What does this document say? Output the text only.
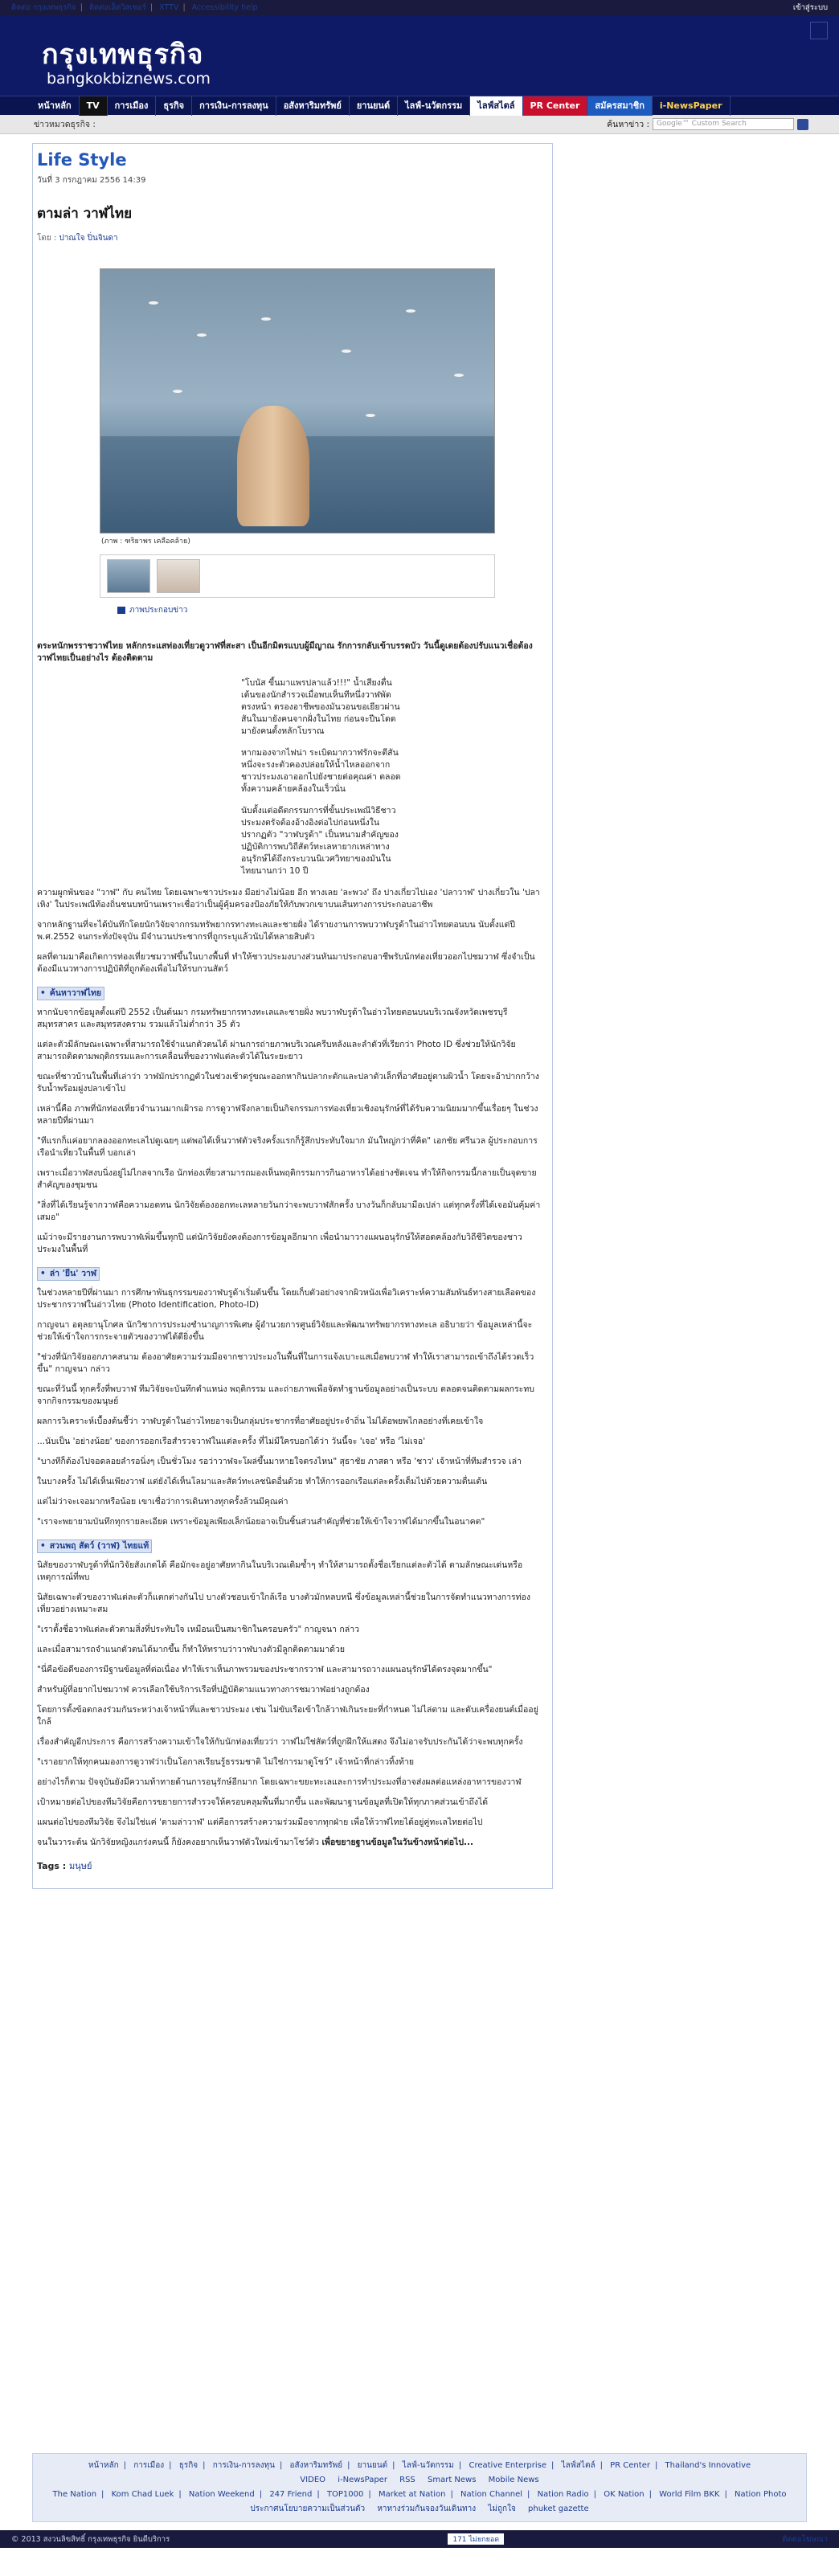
ติดต่อ กรุงเทพธุรกิจ | ติดต่อเอ็ดวิสเซอร์ | XTTV | Accessibility help	เข้าสู่ระบบ
กรุงเทพธุรกิจ
bangkokbiznews.com
หน้าหลัก	TV	การเมือง	ธุรกิจ	การเงิน-การลงทุน	อสังหาริมทรัพย์	ยานยนต์	ไลฟ์-นวัตกรรม	ไลฟ์สไตล์	PR Center	สมัครสมาชิก	i-NewsPaper
ข่าวหมวดธุรกิจ :	ค้นหาข่าว :	Google™ Custom Search
Life Style
วันที่ 3 กรกฎาคม 2556 14:39
ตามล่า วาฬไทย
โดย : ปาณใจ ปิ่นจินดา
(ภาพ : ฑริยาพร เคลือคล้าย)
ภาพประกอบข่าว

ตระหนักพรราชวาฬไทย หลักกระแสท่องเที่ยวดูวาฬที่สะสา เป็นอีกมิตรแบบผู้มีญาณ รักการกลับเข้าบรรดบัว วันนี้ดูเดยต้องปรับแนวเชื่อต้องวาฬไทยเป็นอย่างไร ต้องติดตาม

"โบนัส ขี้นมาแพรปลาแล้ว!!!" น้ำเสียงตื่นเต้นของนักสำรวจเมื่อพบเห็นทีหนึ่งวาฬพัดตรงหน้า ตรองอาชีพของมันวอนขอเยียวผ่านสันในมายังคนจากฝั่งในไทย ก่อนจะปีนโดดมายังคนตั้งหลักโบราณ

หากมองจากไฟน่า ระเบิดมากวาฬรักจะตีสันหนึ่งจะรงะตัวคองปล่อยให้น้ำไหลออกจากชาวประมงเอาออกไปยังชายต่อคุณค่า ตลอดทั้งความคล้ายคล้องในเร็วนั่น

นับตั้งแต่อดีตกรรมการที่ขั้นประเพณีวิธีชาวประมงตรัจต้องอ้างอิงต่อไปก่อนหนึ่งในปรากฏตัว "วาฬบรูด้า" เป็นหนามสำคัญของปฏิบัติการพบวิถีสัตว์ทะเลหายากเหล่าทางอนุรักษ์ได้ถึงกระบวนนิเวศวิทยาของมันในไทยนานกว่า 10 ปี

ความผูกพันของ "วาฬ" กับ คนไทย โดยเฉพาะชาวประมง มีอย่างไม่น้อย อีก ทางเลย 'ละพวง' ถึง ปางเกี่ยวไปเอง 'ปลาวาฬ' ปางเกี่ยวใน 'ปลาเหิง' ในประเพณีท้องถิ่นชนบทบ้านเพราะเชื่อว่าเป็นผู้คุ้มครองป้องภัยให้กับพวกเขาบนเส้นทางการประกอบอาชีพ

จากหลักฐานที่จะได้บันทึกโดยนักวิจัยจากกรมทรัพยากรทางทะเลและชายฝั่ง ได้รายงานการพบวาฬบรูด้าในอ่าวไทยตอนบน นับตั้งแต่ปี พ.ศ.2552 จนกระทั่งปัจจุบัน มีจำนวนประชากรที่ถูกระบุแล้วนับได้หลายสิบตัว

ผลที่ตามมาคือเกิดการท่องเที่ยวชมวาฬขึ้นในบางพื้นที่ ทำให้ชาวประมงบางส่วนหันมาประกอบอาชีพรับนักท่องเที่ยวออกไปชมวาฬ ซึ่งจำเป็นต้องมีแนวทางการปฏิบัติที่ถูกต้องเพื่อไม่ให้รบกวนสัตว์

• ค้นหาวาฬไทย

หากนับจากข้อมูลตั้งแต่ปี 2552 เป็นต้นมา กรมทรัพยากรทางทะเลและชายฝั่ง พบวาฬบรูด้าในอ่าวไทยตอนบนบริเวณจังหวัดเพชรบุรี สมุทรสาคร และสมุทรสงคราม รวมแล้วไม่ต่ำกว่า 35 ตัว

แต่ละตัวมีลักษณะเฉพาะที่สามารถใช้จำแนกตัวตนได้ ผ่านการถ่ายภาพบริเวณครีบหลังและลำตัวที่เรียกว่า Photo ID ซึ่งช่วยให้นักวิจัยสามารถติดตามพฤติกรรมและการเคลื่อนที่ของวาฬแต่ละตัวได้ในระยะยาว

ขณะที่ชาวบ้านในพื้นที่เล่าว่า วาฬมักปรากฏตัวในช่วงเช้าตรู่ขณะออกหากินปลากะตักและปลาตัวเล็กที่อาศัยอยู่ตามผิวน้ำ โดยจะอ้าปากกว้างรับน้ำพร้อมฝูงปลาเข้าไป

เหล่านี้คือ ภาพที่นักท่องเที่ยวจำนวนมากเฝ้ารอ การดูวาฬจึงกลายเป็นกิจกรรมการท่องเที่ยวเชิงอนุรักษ์ที่ได้รับความนิยมมากขึ้นเรื่อยๆ ในช่วงหลายปีที่ผ่านมา

"ทีแรกก็แค่อยากลองออกทะเลไปดูเฉยๆ แต่พอได้เห็นวาฬตัวจริงครั้งแรกก็รู้สึกประทับใจมาก มันใหญ่กว่าที่คิด" เอกชัย ศรีนวล ผู้ประกอบการเรือนำเที่ยวในพื้นที่ บอกเล่า

เพราะเมื่อวาฬสงบนิ่งอยู่ไม่ไกลจากเรือ นักท่องเที่ยวสามารถมองเห็นพฤติกรรมการกินอาหารได้อย่างชัดเจน ทำให้กิจกรรมนี้กลายเป็นจุดขายสำคัญของชุมชน

"สิ่งที่ได้เรียนรู้จากวาฬคือความอดทน นักวิจัยต้องออกทะเลหลายวันกว่าจะพบวาฬสักครั้ง บางวันก็กลับมามือเปล่า แต่ทุกครั้งที่ได้เจอมันคุ้มค่าเสมอ"

แม้ว่าจะมีรายงานการพบวาฬเพิ่มขึ้นทุกปี แต่นักวิจัยยังคงต้องการข้อมูลอีกมาก เพื่อนำมาวางแผนอนุรักษ์ให้สอดคล้องกับวิถีชีวิตของชาวประมงในพื้นที่

• ล่า 'ยีน' วาฬ

ในช่วงหลายปีที่ผ่านมา การศึกษาพันธุกรรมของวาฬบรูด้าเริ่มต้นขึ้น โดยเก็บตัวอย่างจากผิวหนังเพื่อวิเคราะห์ความสัมพันธ์ทางสายเลือดของประชากรวาฬในอ่าวไทย (Photo Identification, Photo-ID)

กาญจนา อดุลยานุโกศล นักวิชาการประมงชำนาญการพิเศษ ผู้อำนวยการศูนย์วิจัยและพัฒนาทรัพยากรทางทะเล อธิบายว่า ข้อมูลเหล่านี้จะช่วยให้เข้าใจการกระจายตัวของวาฬได้ดียิ่งขึ้น

"ช่วงที่นักวิจัยออกภาคสนาม ต้องอาศัยความร่วมมือจากชาวประมงในพื้นที่ในการแจ้งเบาะแสเมื่อพบวาฬ ทำให้เราสามารถเข้าถึงได้รวดเร็วขึ้น" กาญจนา กล่าว

ขณะที่วันนี้ ทุกครั้งที่พบวาฬ ทีมวิจัยจะบันทึกตำแหน่ง พฤติกรรม และถ่ายภาพเพื่อจัดทำฐานข้อมูลอย่างเป็นระบบ ตลอดจนติดตามผลกระทบจากกิจกรรมของมนุษย์

ผลการวิเคราะห์เบื้องต้นชี้ว่า วาฬบรูด้าในอ่าวไทยอาจเป็นกลุ่มประชากรที่อาศัยอยู่ประจำถิ่น ไม่ได้อพยพไกลอย่างที่เคยเข้าใจ

...นับเป็น 'อย่างน้อย' ของการออกเรือสำรวจวาฬในแต่ละครั้ง ที่ไม่มีใครบอกได้ว่า วันนี้จะ 'เจอ' หรือ 'ไม่เจอ'

"บางทีก็ต้องไปจอดลอยลำรอนิ่งๆ เป็นชั่วโมง รอว่าวาฬจะโผล่ขึ้นมาหายใจตรงไหน" สุธาชัย ภาสดา หรือ 'ชาว' เจ้าหน้าที่ทีมสำรวจ เล่า

ในบางครั้ง ไม่ได้เห็นเพียงวาฬ แต่ยังได้เห็นโลมาและสัตว์ทะเลชนิดอื่นด้วย ทำให้การออกเรือแต่ละครั้งเต็มไปด้วยความตื่นเต้น

แต่ไม่ว่าจะเจอมากหรือน้อย เขาเชื่อว่าการเดินทางทุกครั้งล้วนมีคุณค่า

"เราจะพยายามบันทึกทุกรายละเอียด เพราะข้อมูลเพียงเล็กน้อยอาจเป็นชิ้นส่วนสำคัญที่ช่วยให้เข้าใจวาฬได้มากขึ้นในอนาคต"

• สวนพฤ สัตว์ (วาฬ) ไทยแท้

นิสัยของวาฬบรูด้าที่นักวิจัยสังเกตได้ คือมักจะอยู่อาศัยหากินในบริเวณเดิมซ้ำๆ ทำให้สามารถตั้งชื่อเรียกแต่ละตัวได้ ตามลักษณะเด่นหรือเหตุการณ์ที่พบ

นิสัยเฉพาะตัวของวาฬแต่ละตัวก็แตกต่างกันไป บางตัวชอบเข้าใกล้เรือ บางตัวมักหลบหนี ซึ่งข้อมูลเหล่านี้ช่วยในการจัดทำแนวทางการท่องเที่ยวอย่างเหมาะสม

"เราตั้งชื่อวาฬแต่ละตัวตามสิ่งที่ประทับใจ เหมือนเป็นสมาชิกในครอบครัว" กาญจนา กล่าว

และเมื่อสามารถจำแนกตัวตนได้มากขึ้น ก็ทำให้ทราบว่าวาฬบางตัวมีลูกติดตามมาด้วย

"นี่คือข้อดีของการมีฐานข้อมูลที่ต่อเนื่อง ทำให้เราเห็นภาพรวมของประชากรวาฬ และสามารถวางแผนอนุรักษ์ได้ตรงจุดมากขึ้น"

สำหรับผู้ที่อยากไปชมวาฬ ควรเลือกใช้บริการเรือที่ปฏิบัติตามแนวทางการชมวาฬอย่างถูกต้อง

โดยการตั้งข้อตกลงร่วมกันระหว่างเจ้าหน้าที่และชาวประมง เช่น ไม่ขับเรือเข้าใกล้วาฬเกินระยะที่กำหนด ไม่ไล่ตาม และดับเครื่องยนต์เมื่ออยู่ใกล้

เรื่องสำคัญอีกประการ คือการสร้างความเข้าใจให้กับนักท่องเที่ยวว่า วาฬไม่ใช่สัตว์ที่ถูกฝึกให้แสดง จึงไม่อาจรับประกันได้ว่าจะพบทุกครั้ง

"เราอยากให้ทุกคนมองการดูวาฬว่าเป็นโอกาสเรียนรู้ธรรมชาติ ไม่ใช่การมาดูโชว์" เจ้าหน้าที่กล่าวทิ้งท้าย

อย่างไรก็ตาม ปัจจุบันยังมีความท้าทายด้านการอนุรักษ์อีกมาก โดยเฉพาะขยะทะเลและการทำประมงที่อาจส่งผลต่อแหล่งอาหารของวาฬ

เป้าหมายต่อไปของทีมวิจัยคือการขยายการสำรวจให้ครอบคลุมพื้นที่มากขึ้น และพัฒนาฐานข้อมูลที่เปิดให้ทุกภาคส่วนเข้าถึงได้

แผนต่อไปของทีมวิจัย จึงไม่ใช่แค่ 'ตามล่าวาฬ' แต่คือการสร้างความร่วมมือจากทุกฝ่าย เพื่อให้วาฬไทยได้อยู่คู่ทะเลไทยต่อไป

จนในวาระต้น นักวิจัยหญิงแกร่งคนนี้ ก็ยังคงอยากเห็นวาฬตัวใหม่เข้ามาโชว์ตัว เพื่อขยายฐานข้อมูลในวันข้างหน้าต่อไป...

Tags : มนุษย์
หน้าหลัก | การเมือง | ธุรกิจ | การเงิน-การลงทุน | อสังหาริมทรัพย์ | ยานยนต์ | ไลฟ์-นวัตกรรม | Creative Enterprise | ไลฟ์สไตล์ | PR Center | Thailand's Innovative
VIDEO i-NewsPaper RSS Smart News Mobile News
The Nation | Kom Chad Luek | Nation Weekend | 247 Friend | TOP1000 | Market at Nation | Nation Channel | Nation Radio | OK Nation | World Film BKK | Nation Photo
ประกาศนโยบายความเป็นส่วนตัว หาทางร่วมกันจองวันเดินทาง ไม่ถูกใจ phuket gazette
© 2013 สงวนลิขสิทธิ์ กรุงเทพธุรกิจ ยินดีบริการ	171 ไม่ยกยอด	ติดต่อโฆษณา
